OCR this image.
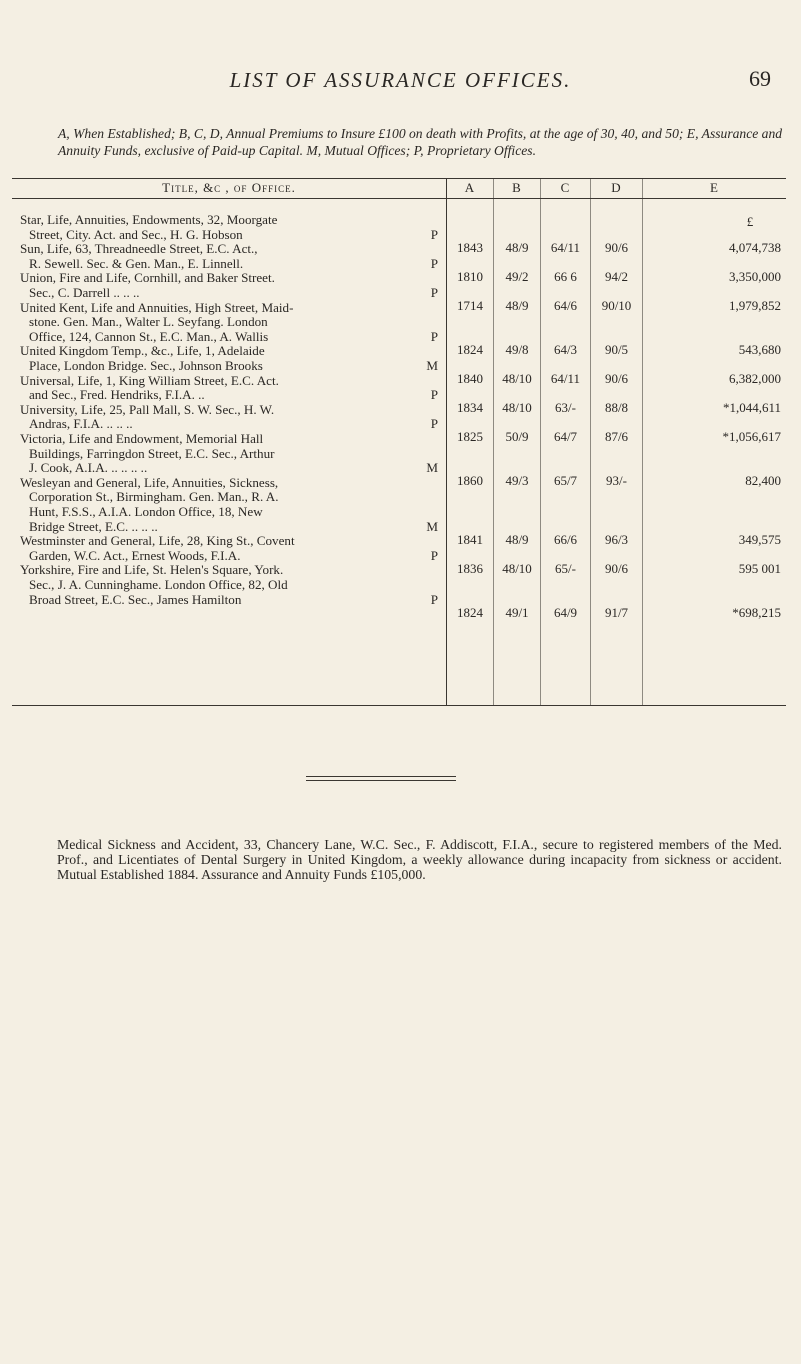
LIST OF ASSURANCE OFFICES.	69
A, When Established; B, C, D, Annual Premiums to Insure £100 on death with Profits, at the age of 30, 40, and 50; E, Assurance and Annuity Funds, exclusive of Paid-up Capital. M, Mutual Offices; P, Proprietary Offices.
Title, &c , of Office.	A	B	C	D	E
£
Star, Life, Annuities, Endowments, 32, Moorgate
Street, City. Act. and Sec., H. G. Hobson	P
1843	48/9	64/11	90/6	4,074,738
Sun, Life, 63, Threadneedle Street, E.C. Act.,
R. Sewell. Sec. & Gen. Man., E. Linnell.	P
1810	49/2	66 6	94/2	3,350,000
Union, Fire and Life, Cornhill, and Baker Street.
Sec., C. Darrell .. .. ..	P
1714	48/9	64/6	90/10	1,979,852
United Kent, Life and Annuities, High Street, Maid-
stone. Gen. Man., Walter L. Seyfang. London
Office, 124, Cannon St., E.C. Man., A. Wallis	P
1824	49/8	64/3	90/5	543,680
United Kingdom Temp., &c., Life, 1, Adelaide
Place, London Bridge. Sec., Johnson Brooks	M
1840	48/10	64/11	90/6	6,382,000
Universal, Life, 1, King William Street, E.C. Act.
and Sec., Fred. Hendriks, F.I.A. ..	P
1834	48/10	63/-	88/8	*1,044,611
University, Life, 25, Pall Mall, S. W. Sec., H. W.
Andras, F.I.A. .. .. ..	P
1825	50/9	64/7	87/6	*1,056,617
Victoria, Life and Endowment, Memorial Hall
Buildings, Farringdon Street, E.C. Sec., Arthur
J. Cook, A.I.A. .. .. .. ..	M
1860	49/3	65/7	93/-	82,400
Wesleyan and General, Life, Annuities, Sickness,
Corporation St., Birmingham. Gen. Man., R. A.
Hunt, F.S.S., A.I.A. London Office, 18, New
Bridge Street, E.C. .. .. ..	M
1841	48/9	66/6	96/3	349,575
Westminster and General, Life, 28, King St., Covent
Garden, W.C. Act., Ernest Woods, F.I.A.	P
1836	48/10	65/-	90/6	595 001
Yorkshire, Fire and Life, St. Helen's Square, York.
Sec., J. A. Cunninghame. London Office, 82, Old
Broad Street, E.C. Sec., James Hamilton	P
1824	49/1	64/9	91/7	*698,215
Medical Sickness and Accident, 33, Chancery Lane, W.C. Sec., F. Addiscott, F.I.A., secure to registered members of the Med. Prof., and Licentiates of Dental Surgery in United Kingdom, a weekly allowance during incapacity from sickness or accident. Mutual Established 1884. Assurance and Annuity Funds £105,000.
